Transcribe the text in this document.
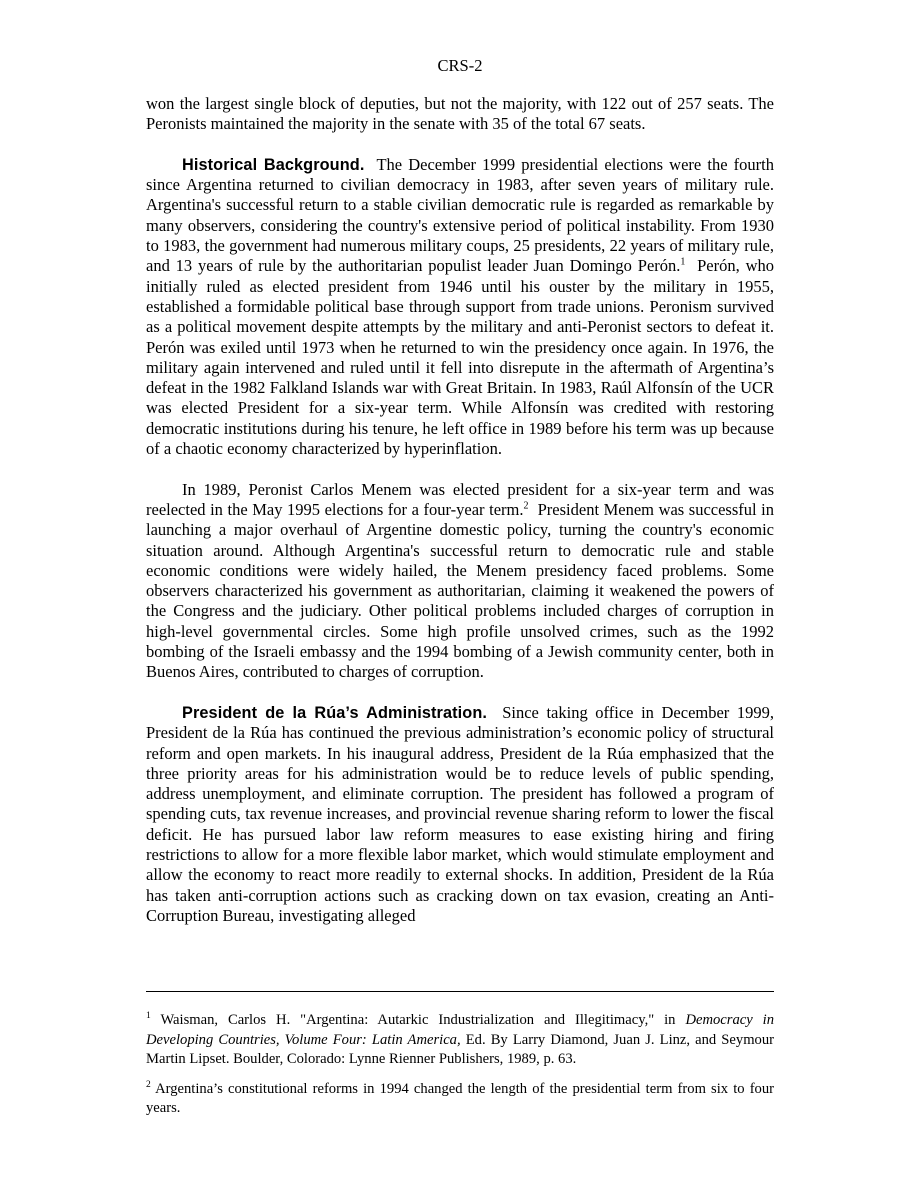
CRS-2

won the largest single block of deputies, but not the majority, with 122 out of 257 seats. The Peronists maintained the majority in the senate with 35 of the total 67 seats.

Historical Background. The December 1999 presidential elections were the fourth since Argentina returned to civilian democracy in 1983, after seven years of military rule. Argentina's successful return to a stable civilian democratic rule is regarded as remarkable by many observers, considering the country's extensive period of political instability. From 1930 to 1983, the government had numerous military coups, 25 presidents, 22 years of military rule, and 13 years of rule by the authoritarian populist leader Juan Domingo Perón.$^1$ Perón, who initially ruled as elected president from 1946 until his ouster by the military in 1955, established a formidable political base through support from trade unions. Peronism survived as a political movement despite attempts by the military and anti-Peronist sectors to defeat it. Perón was exiled until 1973 when he returned to win the presidency once again. In 1976, the military again intervened and ruled until it fell into disrepute in the aftermath of Argentina’s defeat in the 1982 Falkland Islands war with Great Britain. In 1983, Raúl Alfonsín of the UCR was elected President for a six-year term. While Alfonsín was credited with restoring democratic institutions during his tenure, he left office in 1989 before his term was up because of a chaotic economy characterized by hyperinflation.

In 1989, Peronist Carlos Menem was elected president for a six-year term and was reelected in the May 1995 elections for a four-year term.$^2$ President Menem was successful in launching a major overhaul of Argentine domestic policy, turning the country's economic situation around. Although Argentina's successful return to democratic rule and stable economic conditions were widely hailed, the Menem presidency faced problems. Some observers characterized his government as authoritarian, claiming it weakened the powers of the Congress and the judiciary. Other political problems included charges of corruption in high-level governmental circles. Some high profile unsolved crimes, such as the 1992 bombing of the Israeli embassy and the 1994 bombing of a Jewish community center, both in Buenos Aires, contributed to charges of corruption.

President de la Rúa’s Administration. Since taking office in December 1999, President de la Rúa has continued the previous administration’s economic policy of structural reform and open markets. In his inaugural address, President de la Rúa emphasized that the three priority areas for his administration would be to reduce levels of public spending, address unemployment, and eliminate corruption. The president has followed a program of spending cuts, tax revenue increases, and provincial revenue sharing reform to lower the fiscal deficit. He has pursued labor law reform measures to ease existing hiring and firing restrictions to allow for a more flexible labor market, which would stimulate employment and allow the economy to react more readily to external shocks. In addition, President de la Rúa has taken anti-corruption actions such as cracking down on tax evasion, creating an Anti-Corruption Bureau, investigating alleged

$^1$ Waisman, Carlos H. "Argentina: Autarkic Industrialization and Illegitimacy," in Democracy in Developing Countries, Volume Four: Latin America, Ed. By Larry Diamond, Juan J. Linz, and Seymour Martin Lipset. Boulder, Colorado: Lynne Rienner Publishers, 1989, p. 63.

$^2$ Argentina’s constitutional reforms in 1994 changed the length of the presidential term from six to four years.
